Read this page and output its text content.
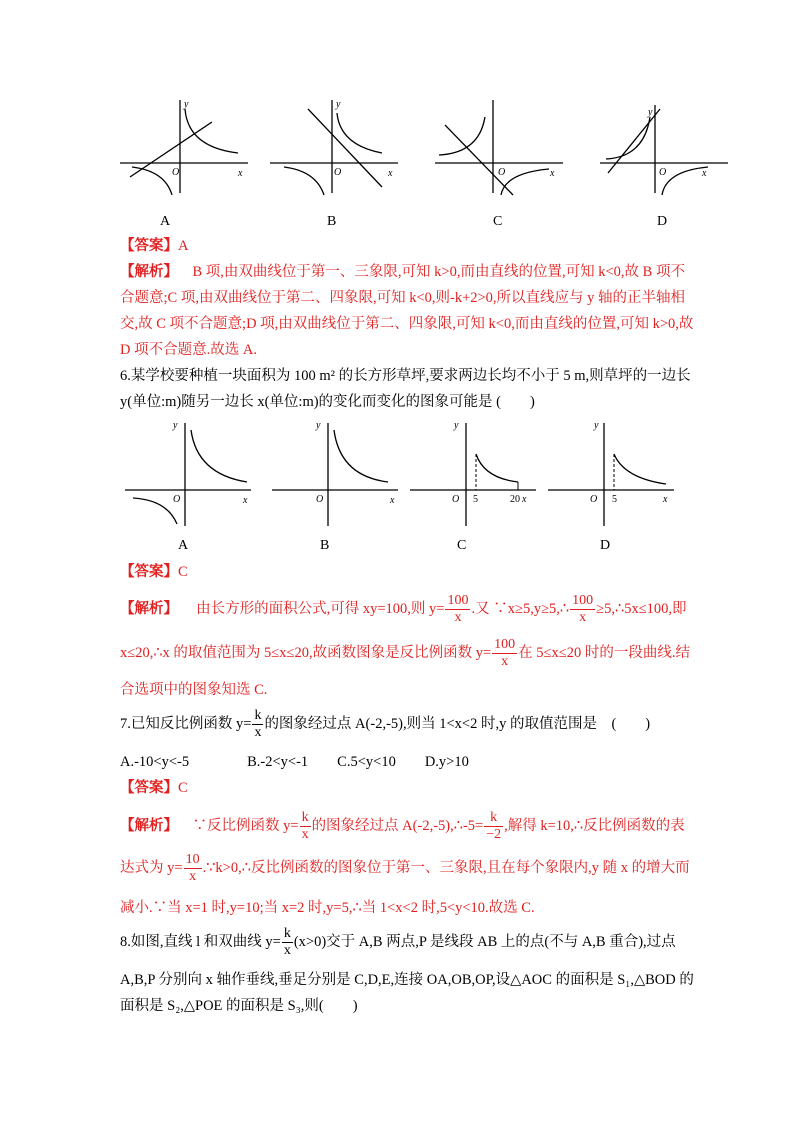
y
x
O
A
y
x
O
B
x
O
C
y
x
O
D
【答案】A
【解析】 B 项,由双曲线位于第一、三象限,可知 k>0,而由直线的位置,可知 k<0,故 B 项不
合题意;C 项,由双曲线位于第二、四象限,可知 k<0,则-k+2>0,所以直线应与 y 轴的正半轴相
交,故 C 项不合题意;D 项,由双曲线位于第二、四象限,可知 k<0,而由直线的位置,可知 k>0,故
D 项不合题意.故选 A.
6.某学校要种植一块面积为 100 m² 的长方形草坪,要求两边长均不小于 5 m,则草坪的一边长
y(单位:m)随另一边长 x(单位:m)的变化而变化的图象可能是 (　　)
y
x
O
A
y
x
O
B
y
O 5	20 x
C
y
O 5	x
D
【答案】C
【解析】 由长方形的面积公式,可得 xy=100,则 $y= \frac{100}{x}$ .又 ∵x≥5,y≥5,∴ $\frac{100}{x}$ ≥5,∴5x≤100,即
x≤20,∴x 的取值范围为 5≤x≤20,故函数图象是反比例函数 $y= \frac{100}{x}$ 在 5≤x≤20 时的一段曲线.结
合选项中的图象知选 C.
7.已知反比例函数 $y= \frac{k}{x}$ 的图象经过点 A(-2,-5),则当 1<x<2 时,y 的取值范围是　(　　)
A.-10<y<-5　　　　B.-2<y<-1　　C.5<y<10　　D.y>10
【答案】C
【解析】 ∵反比例函数 $y= \frac{k}{x}$ 的图象经过点 A(-2,-5),∴-5= $\frac{k}{-2}$ ,解得 k=10,∴反比例函数的表
达式为 $y= \frac{10}{x}$ .∵k>0,∴反比例函数的图象位于第一、三象限,且在每个象限内,y 随 x 的增大而
减小.∵当 x=1 时,y=10;当 x=2 时,y=5,∴当 1<x<2 时,5<y<10.故选 C.
8.如图,直线 l 和双曲线 $y= \frac{k}{x} (x>0)$交于 A,B 两点,P 是线段 AB 上的点(不与 A,B 重合),过点
A,B,P 分别向 x 轴作垂线,垂足分别是 C,D,E,连接 OA,OB,OP,设△AOC 的面积是 S₁,△BOD 的
面积是 S₂,△POE 的面积是 S₃,则(　　)
